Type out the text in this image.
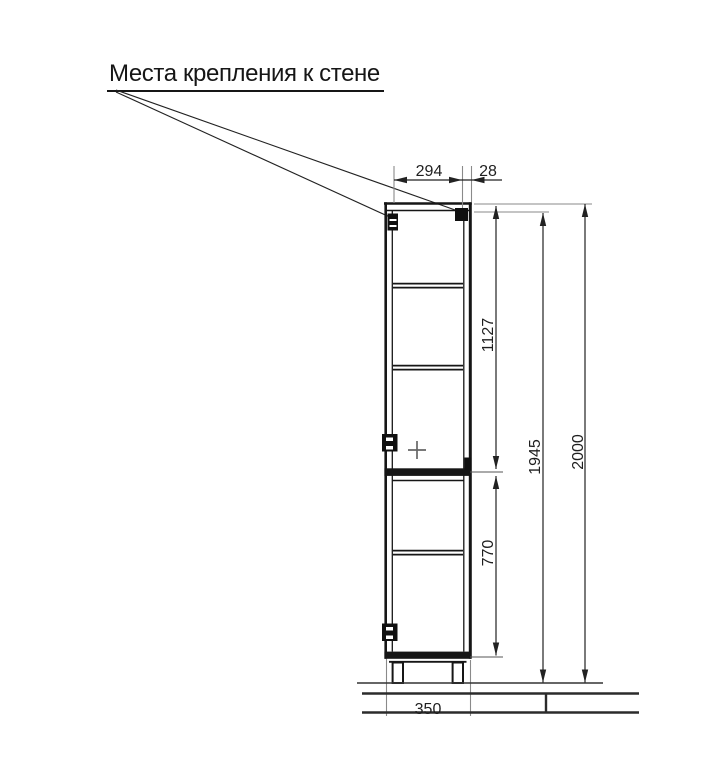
Места крепления к стене
294 28
1127
770
1945 2000
350
